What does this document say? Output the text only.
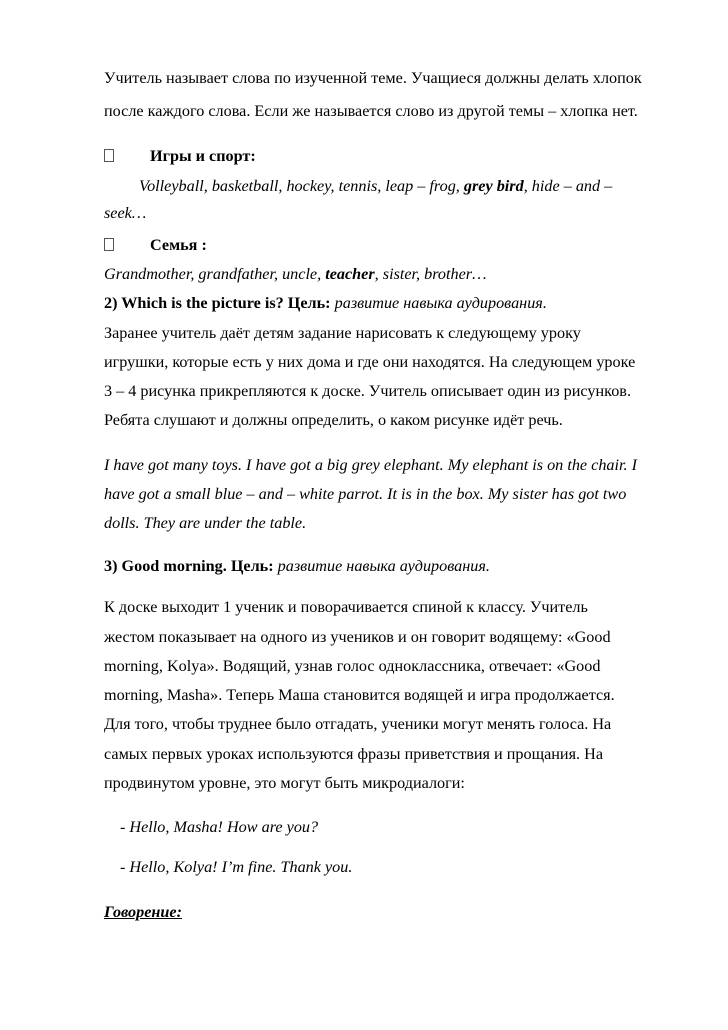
Учитель называет слова по изученной теме. Учащиеся должны делать хлопок
после каждого слова. Если же называется слово из другой темы – хлопка нет.
Игры и спорт:
Volleyball, basketball, hockey, tennis, leap – frog, grey bird, hide – and –
seek…
Семья :
Grandmother, grandfather, uncle, teacher, sister, brother…
2) Which is the picture is? Цель: развитие навыка аудирования.
Заранее учитель даёт детям задание нарисовать к следующему уроку
игрушки, которые есть у них дома и где они находятся. На следующем уроке
3 – 4 рисунка прикрепляются к доске. Учитель описывает один из рисунков.
Ребята слушают и должны определить, о каком рисунке идёт речь.
I have got many toys. I have got a big grey elephant. My elephant is on the chair. I
have got a small blue – and – white parrot. It is in the box. My sister has got two
dolls. They are under the table.
3) Good morning. Цель: развитие навыка аудирования.
К доске выходит 1 ученик и поворачивается спиной к классу. Учитель
жестом показывает на одного из учеников и он говорит водящему: «Good
morning, Kolya». Водящий, узнав голос одноклассника, отвечает: «Good
morning, Masha». Теперь Маша становится водящей и игра продолжается.
Для того, чтобы труднее было отгадать, ученики могут менять голоса. На
самых первых уроках используются фразы приветствия и прощания. На
продвинутом уровне, это могут быть микродиалоги:
- Hello, Masha! How are you?
- Hello, Kolya! I’m fine. Thank you.
Говорение:
